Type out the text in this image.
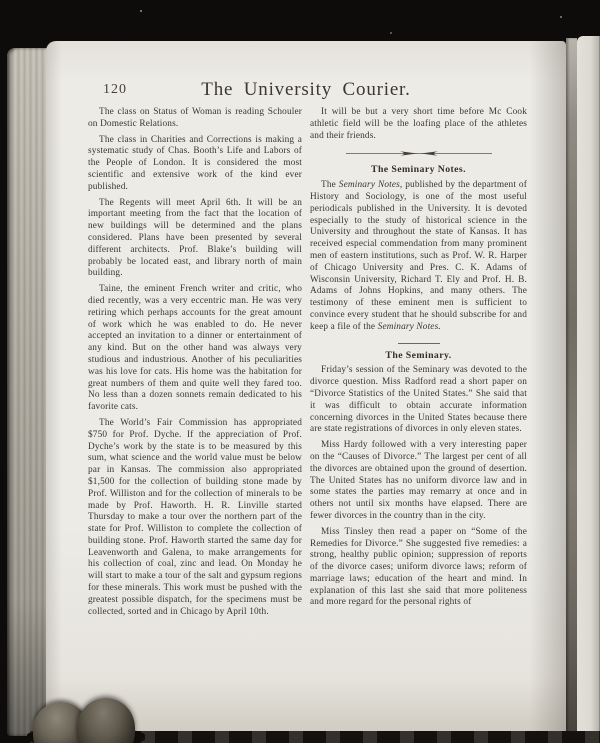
120	The University Courier.

The class on Status of Woman is reading Schouler on Domestic Relations.

The class in Charities and Corrections is making a systematic study of Chas. Booth’s Life and Labors of the People of London. It is considered the most scientific and extensive work of the kind ever published.

The Regents will meet April 6th. It will be an important meeting from the fact that the location of new buildings will be determined and the plans considered. Plans have been presented by several different architects. Prof. Blake’s building will probably be located east, and library north of main building.

Taine, the eminent French writer and critic, who died recently, was a very eccentric man. He was very retiring which perhaps accounts for the great amount of work which he was enabled to do. He never accepted an invitation to a dinner or entertainment of any kind. But on the other hand was always very studious and industrious. Another of his peculiarities was his love for cats. His home was the habitation for great numbers of them and quite well they fared too. No less than a dozen sonnets remain dedicated to his favorite cats.

The World’s Fair Commission has appropriated $750 for Prof. Dyche. If the appreciation of Prof. Dyche’s work by the state is to be measured by this sum, what science and the world value must be below par in Kansas. The commission also appropriated $1,500 for the collection of building stone made by Prof. Williston and for the collection of minerals to be made by Prof. Haworth. H. R. Linville started Thursday to make a tour over the northern part of the state for Prof. Williston to complete the collection of building stone. Prof. Haworth started the same day for Leavenworth and Galena, to make arrangements for his collection of coal, zinc and lead. On Monday he will start to make a tour of the salt and gypsum regions for these minerals. This work must be pushed with the greatest possible dispatch, for the specimens must be collected, sorted and in Chicago by April 10th.

It will be but a very short time before Mc Cook athletic field will be the loafing place of the athletes and their friends.

The Seminary Notes.

The Seminary Notes, published by the department of History and Sociology, is one of the most useful periodicals published in the University. It is devoted especially to the study of historical science in the University and throughout the state of Kansas. It has received especial commendation from many prominent men of eastern institutions, such as Prof. W. R. Harper of Chicago University and Pres. C. K. Adams of Wisconsin University, Richard T. Ely and Prof. H. B. Adams of Johns Hopkins, and many others. The testimony of these eminent men is sufficient to convince every student that he should subscribe for and keep a file of the Seminary Notes.

The Seminary.

Friday’s session of the Seminary was devoted to the divorce question. Miss Radford read a short paper on “Divorce Statistics of the United States.” She said that it was difficult to obtain accurate information concerning divorces in the United States because there are state registrations of divorces in only eleven states.

Miss Hardy followed with a very interesting paper on the “Causes of Divorce.” The largest per cent of all the divorces are obtained upon the ground of desertion. The United States has no uniform divorce law and in some states the parties may remarry at once and in others not until six months have elapsed. There are fewer divorces in the country than in the city.

Miss Tinsley then read a paper on “Some of the Remedies for Divorce.” She suggested five remedies: a strong, healthy public opinion; suppression of reports of the divorce cases; uniform divorce laws; reform of marriage laws; education of the heart and mind. In explanation of this last she said that more politeness and more regard for the personal rights of
